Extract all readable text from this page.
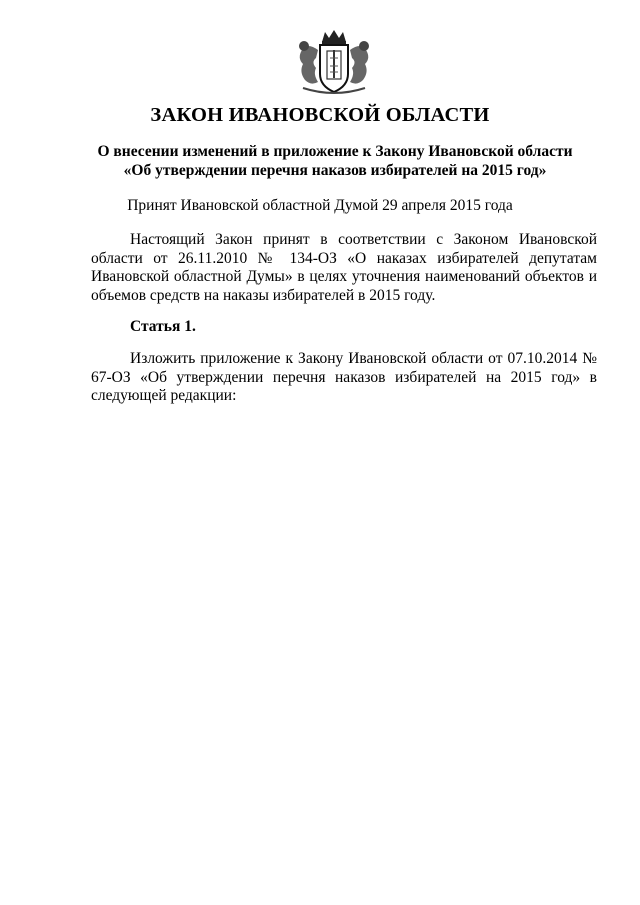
ЗАКОН ИВАНОВСКОЙ ОБЛАСТИ
О внесении изменений в приложение к Закону Ивановской области
«Об утверждении перечня наказов избирателей на 2015 год»
Принят Ивановской областной Думой 29 апреля 2015 года
Настоящий Закон принят в соответствии с Законом Ивановской области от 26.11.2010 № 134-ОЗ «О наказах избирателей депутатам Ивановской областной Думы» в целях уточнения наименований объектов и объемов средств на наказы избирателей в 2015 году.
Статья 1.
Изложить приложение к Закону Ивановской области от 07.10.2014 № 67-ОЗ «Об утверждении перечня наказов избирателей на 2015 год» в следующей редакции:
